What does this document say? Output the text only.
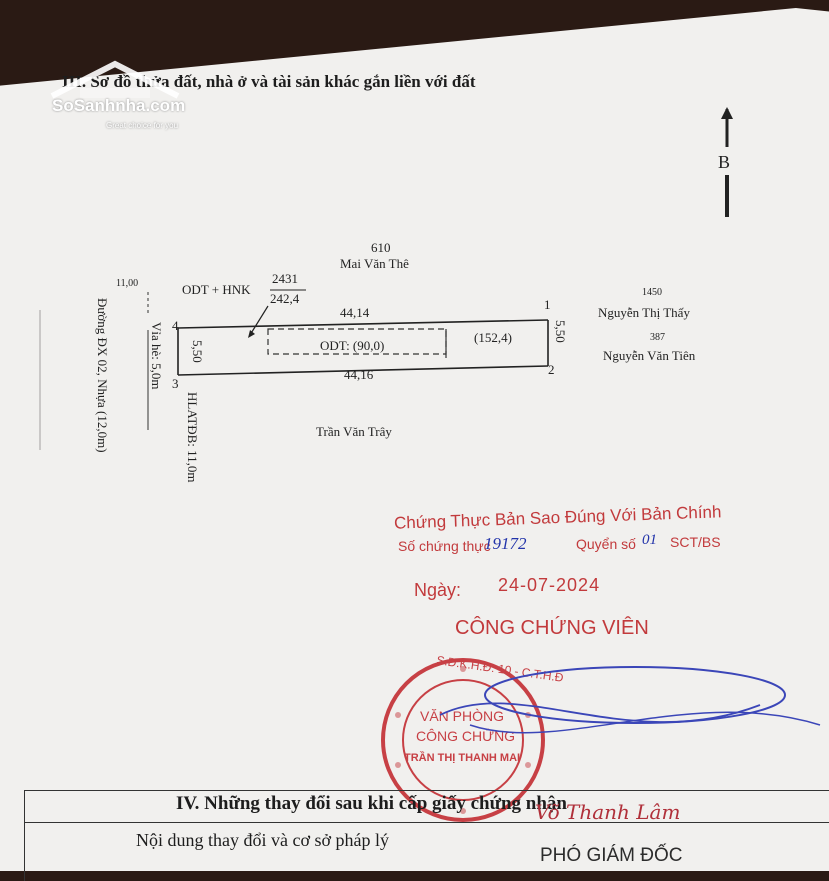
III. Sơ đồ thửa đất, nhà ở và tài sản khác gắn liền với đất
SoSanhnha.com
Great choice for you
B
610
Mai Văn Thê
11,00	ODT + HNK
2431
242,4
44,14
44,16
ODT: (90,0)
(152,4)
1
2
3
4	5,50
5,50
1450
Nguyễn Thị Thấy
387
Nguyễn Văn Tiên
Trần Văn Trây
Đường ĐX 02, Nhựa (12,0m)	Vỉa hè: 5,0m
HLATĐB: 11,0m
Chứng Thực Bản Sao Đúng Với Bản Chính
Số chứng thực
19172	Quyển số 01 SCT/BS
Ngày: 24-07-2024
CÔNG CHỨNG VIÊN
S.Đ.K.H.Đ: 10 - C.T.H.Đ
VĂN PHÒNG
CÔNG CHỨNG
TRẦN THỊ THANH MAI
IV. Những thay đổi sau khi cấp giấy chứng nhận
Nội dung thay đổi và cơ sở pháp lý
Võ Thanh Lâm
PHÓ GIÁM ĐỐC
